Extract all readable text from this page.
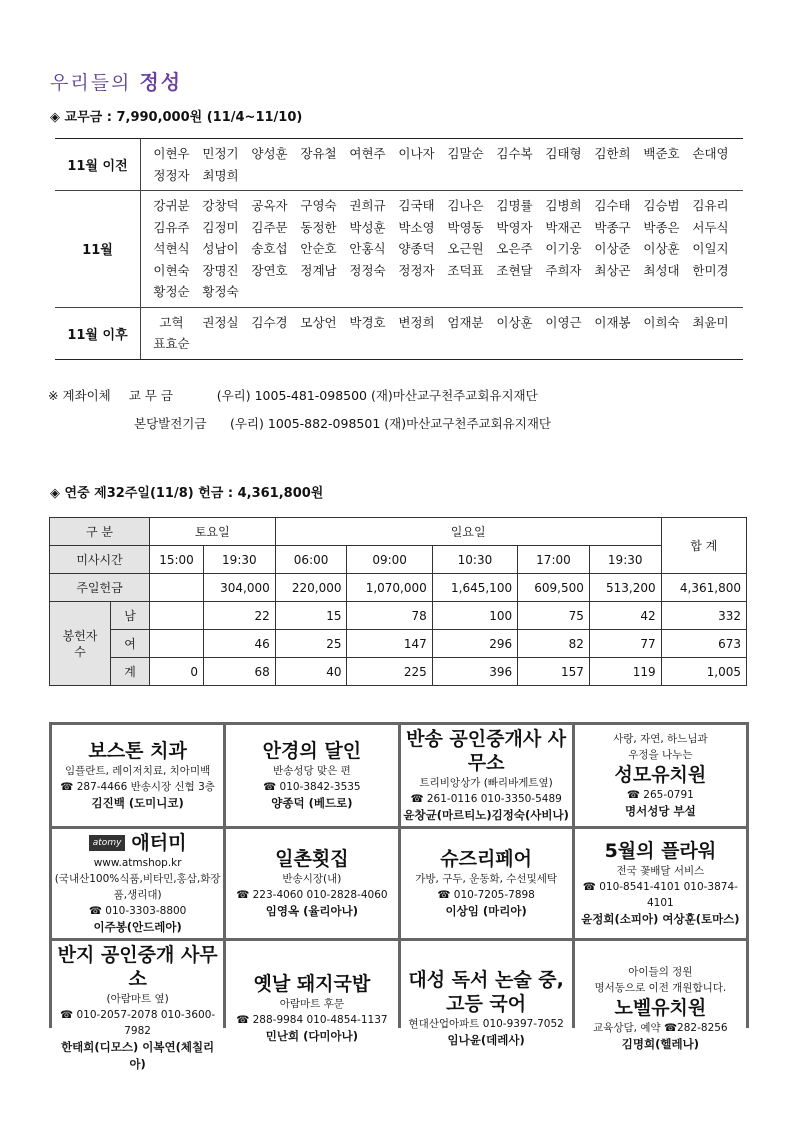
우리들의 정성
◈ 교무금 : 7,990,000원 (11/4~11/10)
11월 이전
이현우	민정기	양성훈	장유철	여현주	이나자	김말순	김수복	김태형	김한희	백준호	손대영
정정자	최명희
11월
강귀분	강창덕	공옥자	구영숙	권희규	김국태	김나은	김명률	김병희	김수태	김승범	김유리
김유주	김정미	김주문	동정한	박성훈	박소영	박영동	박영자	박재곤	박종구	박종은	서두식
석현식	성남이	송호섭	안순호	안홍식	양종덕	오근원	오은주	이기웅	이상준	이상훈	이일지
이현숙	장명진	장연호	정계남	정정숙	정정자	조덕표	조현달	주희자	최상곤	최성대	한미경
황정순	황정숙
11월 이후
고혁	권정실	김수경	모상언	박경호	변정희	엄재분	이상훈	이영근	이재봉	이희숙	최윤미
표효순
※ 계좌이체 교 무 금	(우리) 1005-481-098500 (재)마산교구천주교회유지재단
본당발전기금 (우리) 1005-882-098501 (재)마산교구천주교회유지재단
◈ 연중 제32주일(11/8) 헌금 : 4,361,800원
구 분		토요일		일요일					합 계
미사시간		15:00	19:30	06:00	09:00	10:30	17:00	19:30	
주일헌금			304,000	220,000	1,070,000	1,645,100	609,500	513,200	4,361,800
봉헌자수	남		22	15	78	100	75	42	332
	여		46	25	147	296	82	77	673
	계	0	68	40	225	396	157	119	1,005
보스톤 치과
임플란트, 레이저치료, 치아미백
☎ 287-4466 반송시장 신협 3층
김진백 (도미니코)
안경의 달인
반송성당 맞은 편
☎ 010-3842-3535
양종덕 (베드로)
반송 공인중개사 사무소
트리비앙상가 (빠리바게트옆)
☎ 261-0116 010-3350-5489
윤창균(마르티노)김정숙(사비나)
사랑, 자연, 하느님과
우정을 나누는
성모유치원
☎ 265-0791
명서성당 부설
atomy 애터미
www.atmshop.kr
(국내산100%식품,비타민,홍삼,화장품,생리대)
☎ 010-3303-8800
이주봉(안드레아)
일촌횟집
반송시장(내)
☎ 223-4060 010-2828-4060
임영옥 (율리아나)
슈즈리페어
가방, 구두, 운동화, 수선및세탁
☎ 010-7205-7898
이상임 (마리아)
5월의 플라워
전국 꽃배달 서비스
☎ 010-8541-4101 010-3874-4101
윤정희(소피아) 여상훈(토마스)
반지 공인중개 사무소
(아람마트 옆)
☎ 010-2057-2078 010-3600-7982
한태희(디모스) 이복연(체칠리아)
옛날 돼지국밥
아람마트 후문
☎ 288-9984 010-4854-1137
민난희 (다미아나)
대성 독서 논술 중,고등 국어
현대산업아파트 010-9397-7052
임나윤(데레사)
아이들의 정원
명서동으로 이전 개원합니다.
노벨유치원
교육상담, 예약 ☎282-8256
김명희(헬레나)
